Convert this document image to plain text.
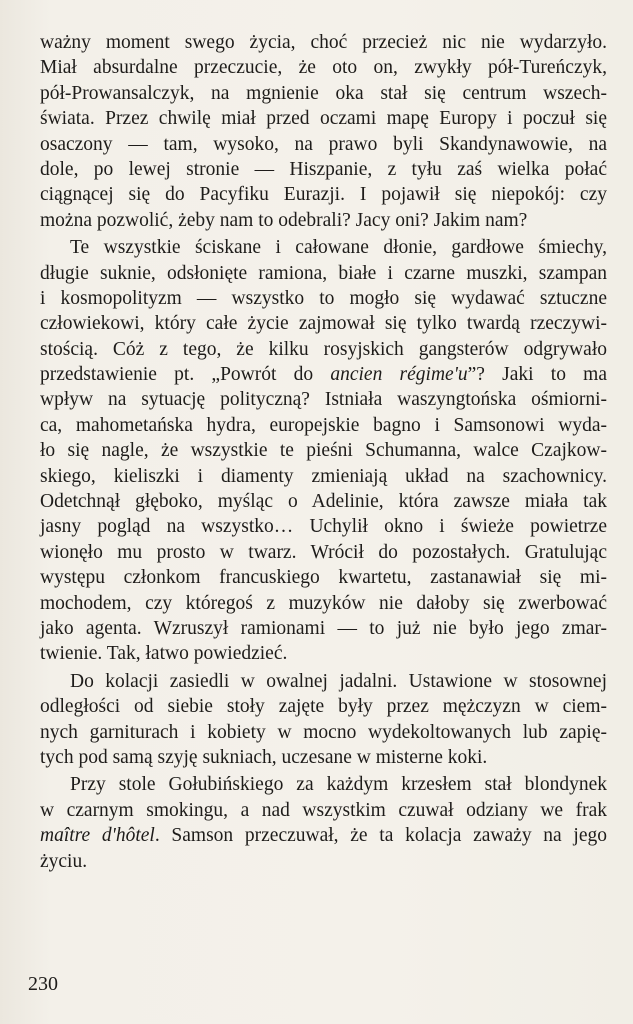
ważny moment swego życia, choć przecież nic nie wydarzyło.
Miał absurdalne przeczucie, że oto on, zwykły pół-Turеńczyk,
pół-Prowansalczyk, na mgnienie oka stał się centrum wszech-
świata. Przez chwilę miał przed oczami mapę Europy i poczuł się
osaczony — tam, wysoko, na prawo byli Skandynawowie, na
dole, po lewej stronie — Hiszpanie, z tyłu zaś wielka połać
ciągnącej się do Pacyfiku Eurazji. I pojawił się niepokój: czy
można pozwolić, żeby nam to odebrali? Jacy oni? Jakim nam?
Te wszystkie ściskane i całowane dłonie, gardłowe śmiechy,
długie suknie, odsłonięte ramiona, białe i czarne muszki, szampan
i kosmopolityzm — wszystko to mogło się wydawać sztuczne
człowiekowi, który całe życie zajmował się tylko twardą rzeczywi-
stością. Cóż z tego, że kilku rosyjskich gangsterów odgrywało
przedstawienie pt. „Powrót do ancien régime'u”? Jaki to ma
wpływ na sytuację polityczną? Istniała waszyngtońska ośmiorni-
ca, mahometańska hydra, europejskie bagno i Samsonowi wyda-
ło się nagle, że wszystkie te pieśni Schumanna, walce Czajkow-
skiego, kieliszki i diamenty zmieniają układ na szachownicy.
Odetchnął głęboko, myśląc o Adelinie, która zawsze miała tak
jasny pogląd na wszystko… Uchylił okno i świeże powietrze
wionęło mu prosto w twarz. Wrócił do pozostałych. Gratulując
występu członkom francuskiego kwartetu, zastanawiał się mi-
mochodem, czy któregoś z muzyków nie dałoby się zwerbować
jako agenta. Wzruszył ramionami — to już nie było jego zmar-
twienie. Tak, łatwo powiedzieć.
Do kolacji zasiedli w owalnej jadalni. Ustawione w stosownej
odległości od siebie stoły zajęte były przez mężczyzn w ciem-
nych garniturach i kobiety w mocno wydekoltowanych lub zapię-
tych pod samą szyję sukniach, uczesane w misterne koki.
Przy stole Gołubińskiego za każdym krzesłem stał blondynek
w czarnym smokingu, a nad wszystkim czuwał odziany we frak
maître d'hôtel. Samson przeczuwał, że ta kolacja zaważy na jego
życiu.
230
